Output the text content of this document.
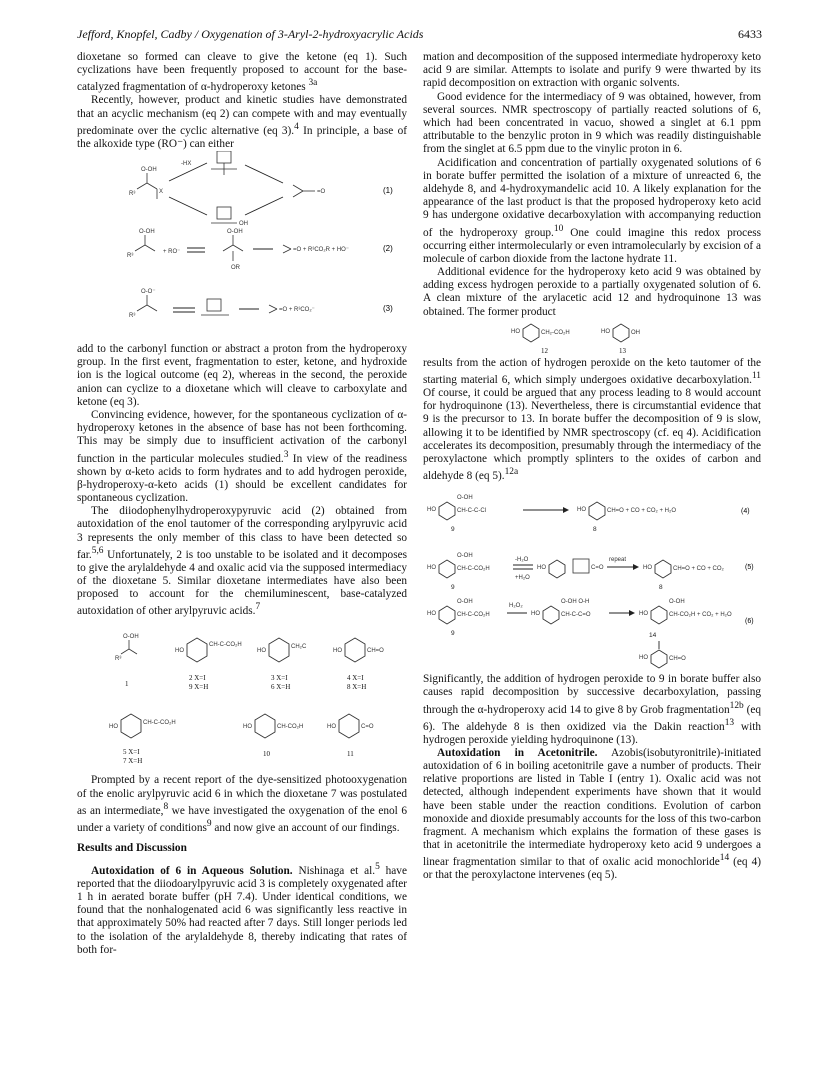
Jefford, Knopfel, Cadby / Oxygenation of 3-Aryl-2-hydroxyacrylic Acids	6433

dioxetane so formed can cleave to give the ketone (eq 1). Such cyclizations have been frequently proposed to account for the base-catalyzed fragmentation of α-hydroperoxy ketones $^{3a}$

Recently, however, product and kinetic studies have demonstrated that an acyclic mechanism (eq 2) can compete with and may eventually predominate over the cyclic alternative (eq 3).$^4$ In principle, a base of the alkoxide type (RO⁻) can either

O-OH
R³	X
-HX
OH
=O	(1)
O-OH
R³
+ RO⁻
O-OH
OR
=O + R³CO₂R + HO⁻	(2)
O-O⁻
R³
=O + R³CO₂⁻	(3)

add to the carbonyl function or abstract a proton from the hydroperoxy group. In the first event, fragmentation to ester, ketone, and hydroxide ion is the logical outcome (eq 2), whereas in the second, the peroxide anion can cyclize to a dioxetane which will cleave to carboxylate and ketone (eq 3).

Convincing evidence, however, for the spontaneous cyclization of α-hydroperoxy ketones in the absence of base has not been forthcoming. This may be simply due to insufficient activation of the carbonyl function in the particular molecules studied.$^3$ In view of the readiness shown by α-keto acids to form hydrates and to add hydrogen peroxide, β-hydroperoxy-α-keto acids (1) should be excellent candidates for spontaneous cyclization.

The diiodophenylhydroperoxypyruvic acid (2) obtained from autoxidation of the enol tautomer of the corresponding arylpyruvic acid 3 represents the only member of this class to have been detected so far.$^{5,6}$ Unfortunately, 2 is too unstable to be isolated and it decomposes to give the arylaldehyde 4 and oxalic acid via the supposed intermediacy of the dioxetane 5. Similar dioxetane intermediates have also been proposed to account for the chemiluminescent, base-catalyzed autoxidation of other arylpyruvic acids.$^7$

O-OH
R³
CH-C-CO₂H
HO
CH₂C
HO	CH=O
HO
CH-C-CO₂H
HO	CH-CO₂H
HO	C=O
HO
1
2 X=I
9 X=H
3 X=I
6 X=H
4 X=I
8 X=H
5 X=I
7 X=H
10	11

Prompted by a recent report of the dye-sensitized photooxygenation of the enolic arylpyruvic acid 6 in which the dioxetane 7 was postulated as an intermediate,$^8$ we have investigated the oxygenation of the enol 6 under a variety of conditions$^9$ and now give an account of our findings.

Results and Discussion

Autoxidation of 6 in Aqueous Solution. Nishinaga et al.$^5$ have reported that the diiodoarylpyruvic acid 3 is completely oxygenated after 1 h in aerated borate buffer (pH 7.4). Under identical conditions, we found that the nonhalogenated acid 6 was significantly less reactive in that approximately 50% had reacted after 7 days. Still longer periods led to the isolation of the arylaldehyde 8, thereby indicating that rates of both for-

mation and decomposition of the supposed intermediate hydroperoxy keto acid 9 are similar. Attempts to isolate and purify 9 were thwarted by its rapid decomposition on extraction with organic solvents.

Good evidence for the intermediacy of 9 was obtained, however, from several sources. NMR spectroscopy of partially reacted solutions of 6, which had been concentrated in vacuo, showed a singlet at 6.1 ppm attributable to the benzylic proton in 9 which was readily distinguishable from the singlet at 6.5 ppm due to the vinylic proton in 6.

Acidification and concentration of partially oxygenated solutions of 6 in borate buffer permitted the isolation of a mixture of unreacted 6, the aldehyde 8, and 4-hydroxymandelic acid 10. A likely explanation for the appearance of the last product is that the proposed hydroperoxy keto acid 9 has undergone oxidative decarboxylation with accompanying reduction of the hydroperoxy group.$^{10}$ One could imagine this redox process occurring either intermolecularly or even intramolecularly by excision of a molecule of carbon dioxide from the lactone hydrate 11.

Additional evidence for the hydroperoxy keto acid 9 was obtained by adding excess hydrogen peroxide to a partially oxygenated solution of 6. A clean mixture of the arylacetic acid 12 and hydroquinone 13 was obtained. The former product

HO	CH₂-CO₂H	HO	OH
12	13

results from the action of hydrogen peroxide on the keto tautomer of the starting material 6, which simply undergoes oxidative decarboxylation.$^{11}$ Of course, it could be argued that any process leading to 8 would account for hydroquinone (13). Nevertheless, there is circumstantial evidence that 9 is the precursor to 13. In borate buffer the decomposition of 9 is slow, allowing it to be identified by NMR spectroscopy (cf. eq 4). Acidification accelerates its decomposition, presumably through the intermediacy of the peroxylactone which promptly splinters to the oxides of carbon and aldehyde 8 (eq 5).$^{12a}$

HO
O-OH
CH-C-C-Cl
9
HO	CH=O + CO + CO₂ + H₂O
8
(4)
HO
O-OH
CH-C-CO₂H
9
-H₂O
+H₂O
HO	C=O
repeat
HO	CH=O + CO + CO₂
8
(5)
HO
O-OH
CH-C-CO₂H
9
H₂O₂
HO
O-OH O-H
CH-C-C=O	HO
O-OH
CH-CO₂H + CO₂ + H₂O
14
HO	CH=O
(6)

Significantly, the addition of hydrogen peroxide to 9 in borate buffer also causes rapid decomposition by successive decarboxylation, passing through the α-hydroperoxy acid 14 to give 8 by Grob fragmentation$^{12b}$ (eq 6). The aldehyde 8 is then oxidized via the Dakin reaction$^{13}$ with hydrogen peroxide yielding hydroquinone (13).

Autoxidation in Acetonitrile. Azobis(isobutyronitrile)-initiated autoxidation of 6 in boiling acetonitrile gave a number of products. Their relative proportions are listed in Table I (entry 1). Oxalic acid was not detected, although independent experiments have shown that it would have been stable under the reaction conditions. Evolution of carbon monoxide and dioxide presumably accounts for the loss of this two-carbon fragment. A mechanism which explains the formation of these gases is that in acetonitrile the intermediate hydroperoxy keto acid 9 undergoes a linear fragmentation similar to that of oxalic acid monochloride$^{14}$ (eq 4) or that the peroxylactone intervenes (eq 5).
